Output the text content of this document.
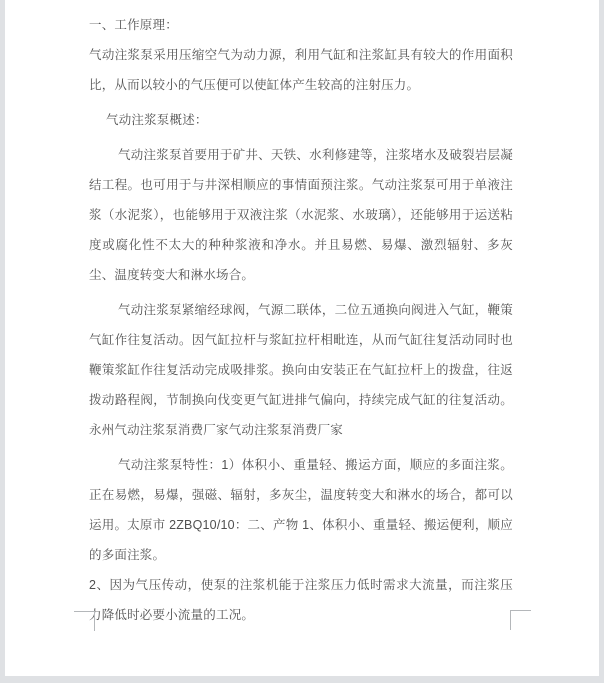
一、工作原理：

气动注浆泵采用压缩空气为动力源，利用气缸和注浆缸具有较大的作用面积比，从而以较小的气压便可以使缸体产生较高的注射压力。

气动注浆泵概述：

气动注浆泵首要用于矿井、天铁、水利修建等，注浆堵水及破裂岩层凝结工程。也可用于与井深相顺应的事情面预注浆。气动注浆泵可用于单液注浆（水泥浆），也能够用于双液注浆（水泥浆、水玻璃），还能够用于运送粘度或腐化性不太大的种种浆液和净水。并且易燃、易爆、激烈辐射、多灰尘、温度转变大和淋水场合。

气动注浆泵紧缩经球阀，气源二联体，二位五通换向阀进入气缸，鞭策气缸作往复活动。因气缸拉杆与浆缸拉杆相毗连，从而气缸往复活动同时也鞭策浆缸作往复活动完成吸排浆。换向由安装正在气缸拉杆上的拨盘，往返拨动路程阀，节制换向伐变更气缸进排气偏向，持续完成气缸的往复活动。永州气动注浆泵消费厂家气动注浆泵消费厂家

气动注浆泵特性：1）体积小、重量轻、搬运方面，顺应的多面注浆。 正在易燃，易爆，强磁、辐射，多灰尘，温度转变大和淋水的场合，都可以运用。太原市 2ZBQ10/10：二、产物 1、体积小、重量轻、搬运便利，顺应的多面注浆。

2、因为气压传动，使泵的注浆机能于注浆压力低时需求大流量，而注浆压力降低时必要小流量的工况。
